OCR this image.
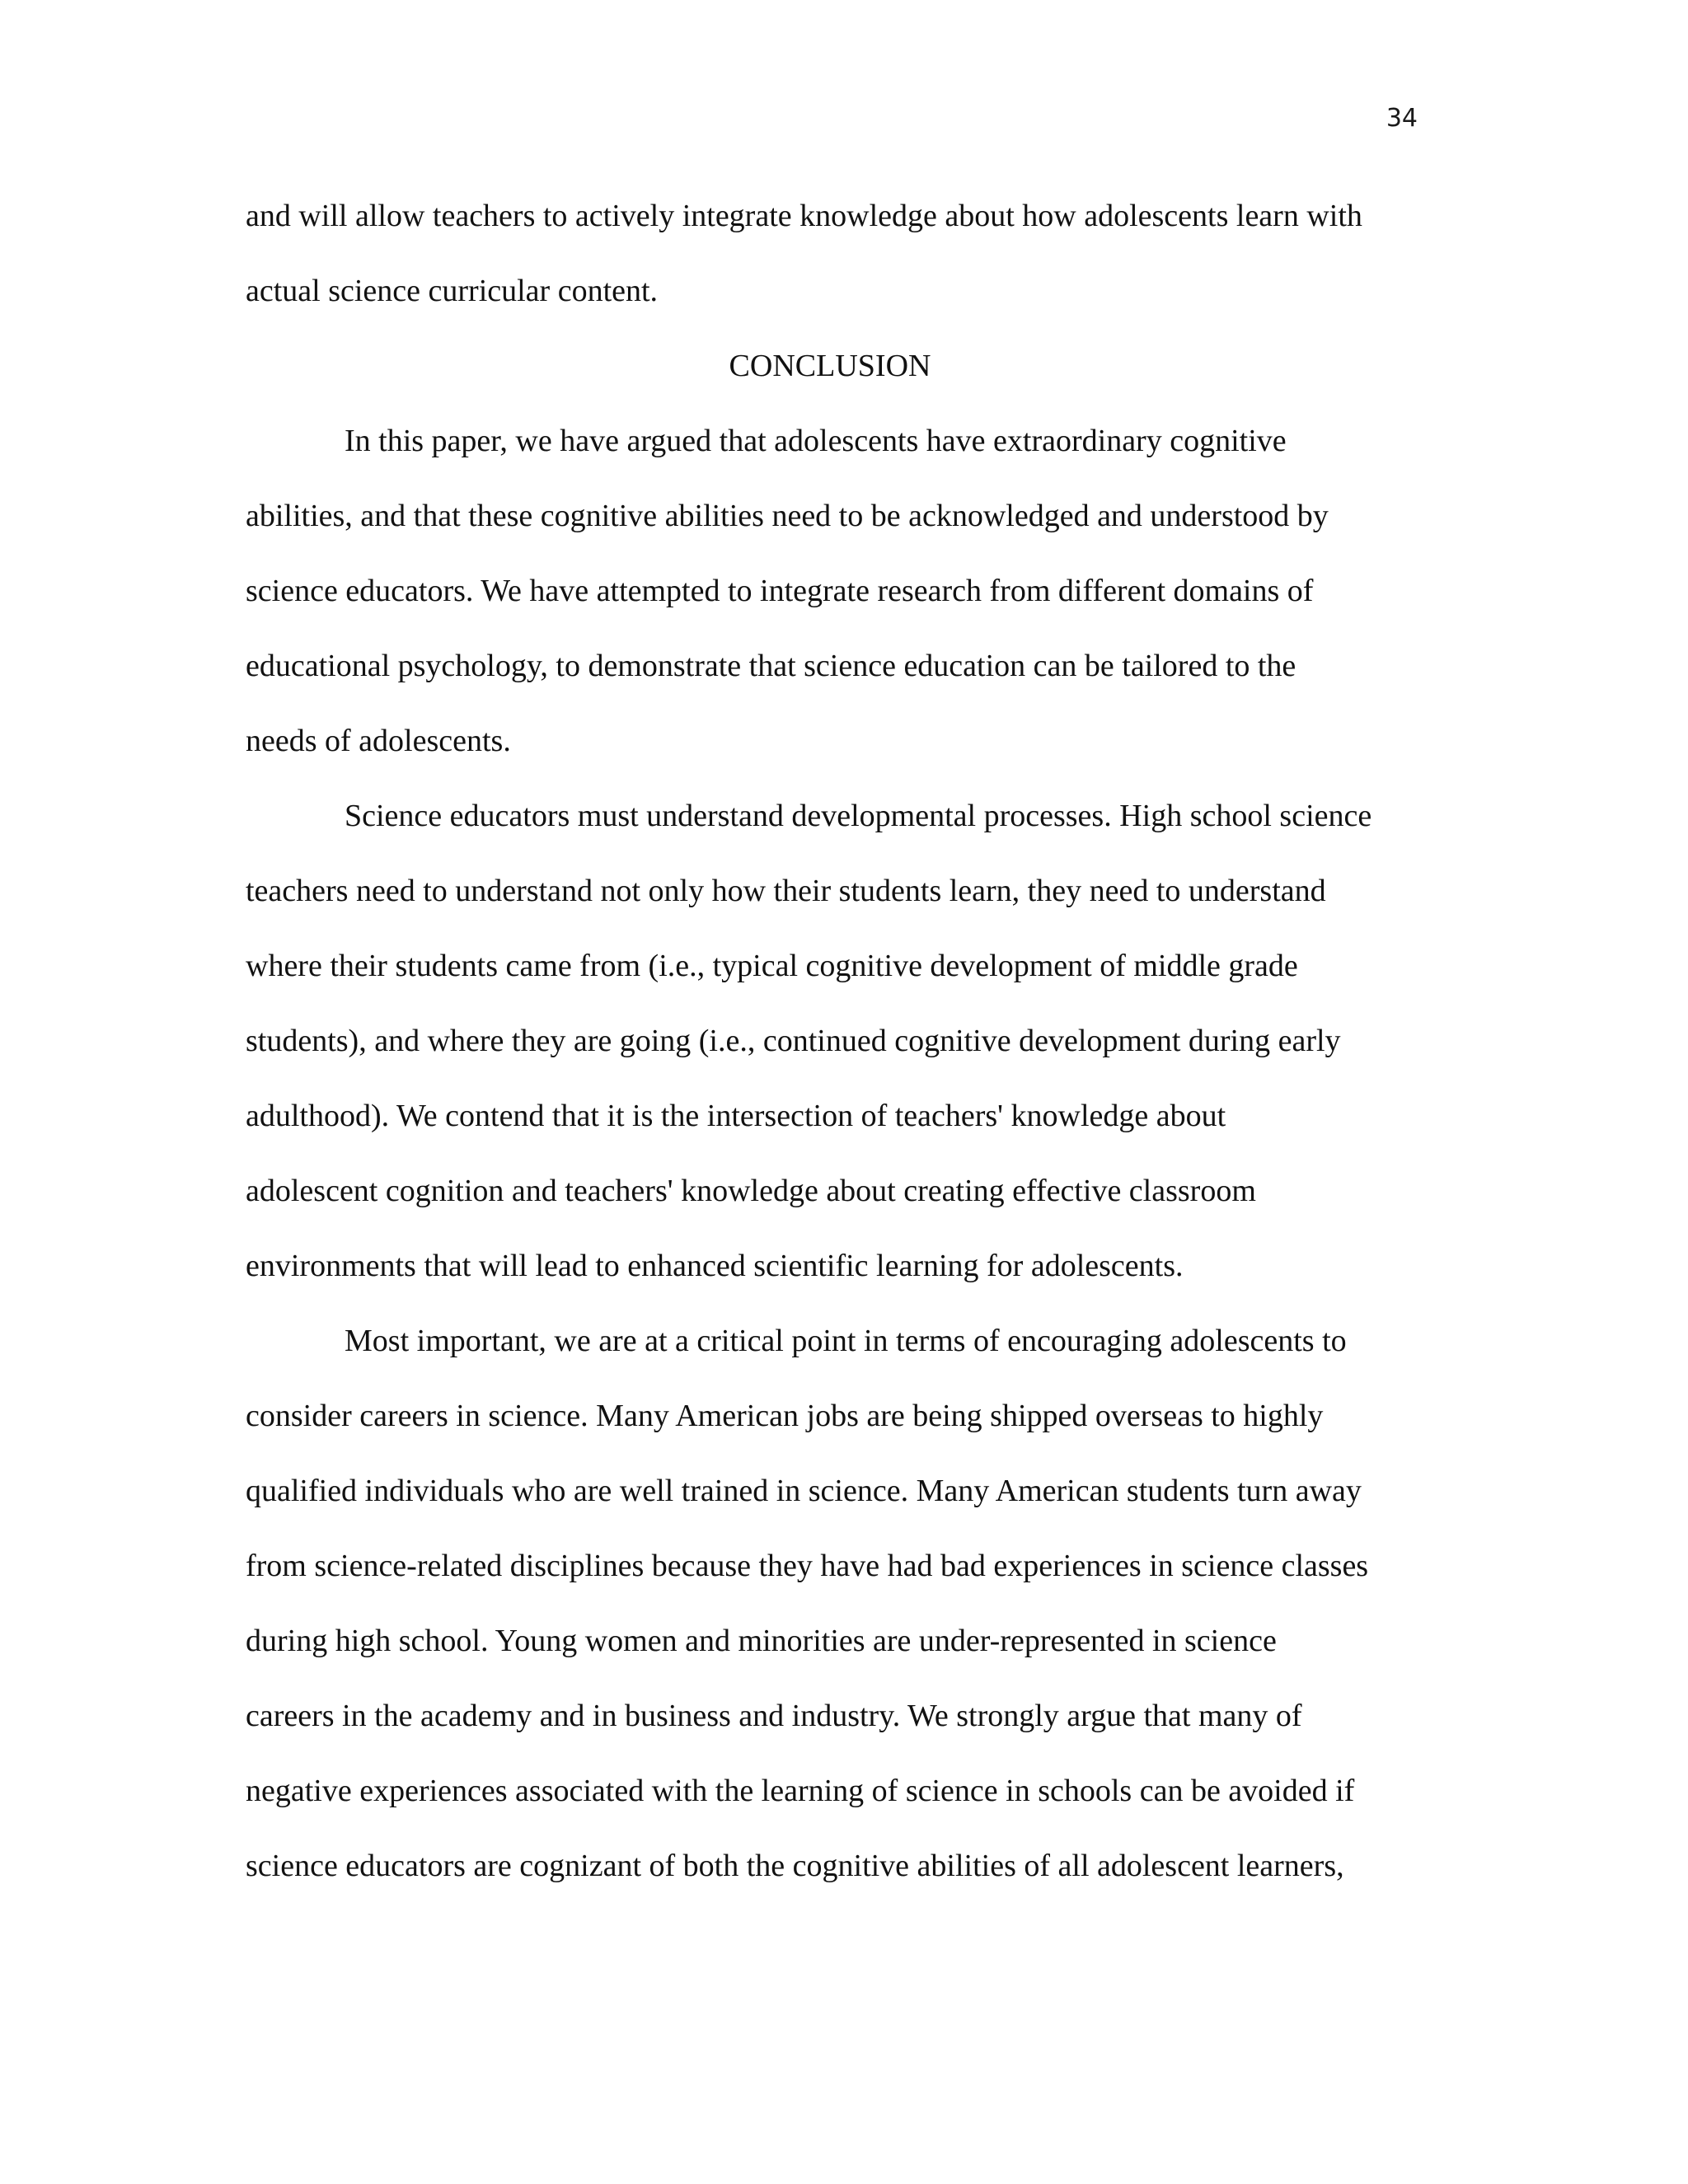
34
and will allow teachers to actively integrate knowledge about how adolescents learn with
actual science curricular content.
CONCLUSION
In this paper, we have argued that adolescents have extraordinary cognitive
abilities, and that these cognitive abilities need to be acknowledged and understood by
science educators. We have attempted to integrate research from different domains of
educational psychology, to demonstrate that science education can be tailored to the
needs of adolescents.
Science educators must understand developmental processes. High school science
teachers need to understand not only how their students learn, they need to understand
where their students came from (i.e., typical cognitive development of middle grade
students), and where they are going (i.e., continued cognitive development during early
adulthood). We contend that it is the intersection of teachers' knowledge about
adolescent cognition and teachers' knowledge about creating effective classroom
environments that will lead to enhanced scientific learning for adolescents.
Most important, we are at a critical point in terms of encouraging adolescents to
consider careers in science. Many American jobs are being shipped overseas to highly
qualified individuals who are well trained in science. Many American students turn away
from science-related disciplines because they have had bad experiences in science classes
during high school. Young women and minorities are under-represented in science
careers in the academy and in business and industry. We strongly argue that many of
negative experiences associated with the learning of science in schools can be avoided if
science educators are cognizant of both the cognitive abilities of all adolescent learners,
